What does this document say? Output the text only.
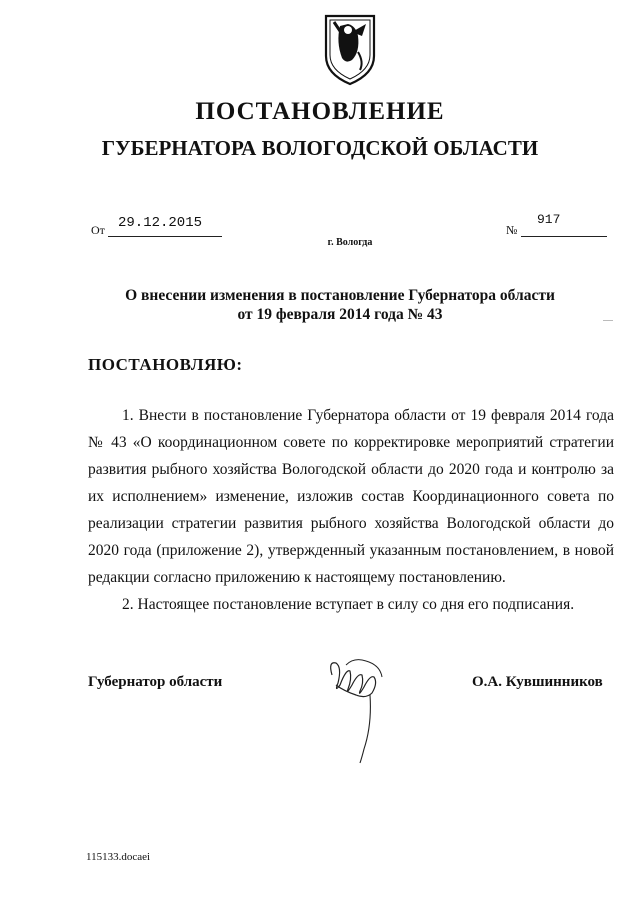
ПОСТАНОВЛЕНИЕ
ГУБЕРНАТОРА ВОЛОГОДСКОЙ ОБЛАСТИ
От 29.12.2015	№
917
г. Вологда
О внесении изменения в постановление Губернатора области
от 19 февраля 2014 года № 43
ПОСТАНОВЛЯЮ:

1. Внести в постановление Губернатора области от 19 февраля 2014 года № 43 «О координационном совете по корректировке мероприятий стратегии развития рыбного хозяйства Вологодской области до 2020 года и контролю за их исполнением» изменение, изложив состав Координационного совета по реализации стратегии развития рыбного хозяйства Вологодской области до 2020 года (приложение 2), утвержденный указанным постановлением, в новой редакции согласно приложению к настоящему постановлению.

2. Настоящее постановление вступает в силу со дня его подписания.

Губернатор области	О.А. Кувшинников
115133.docaei
